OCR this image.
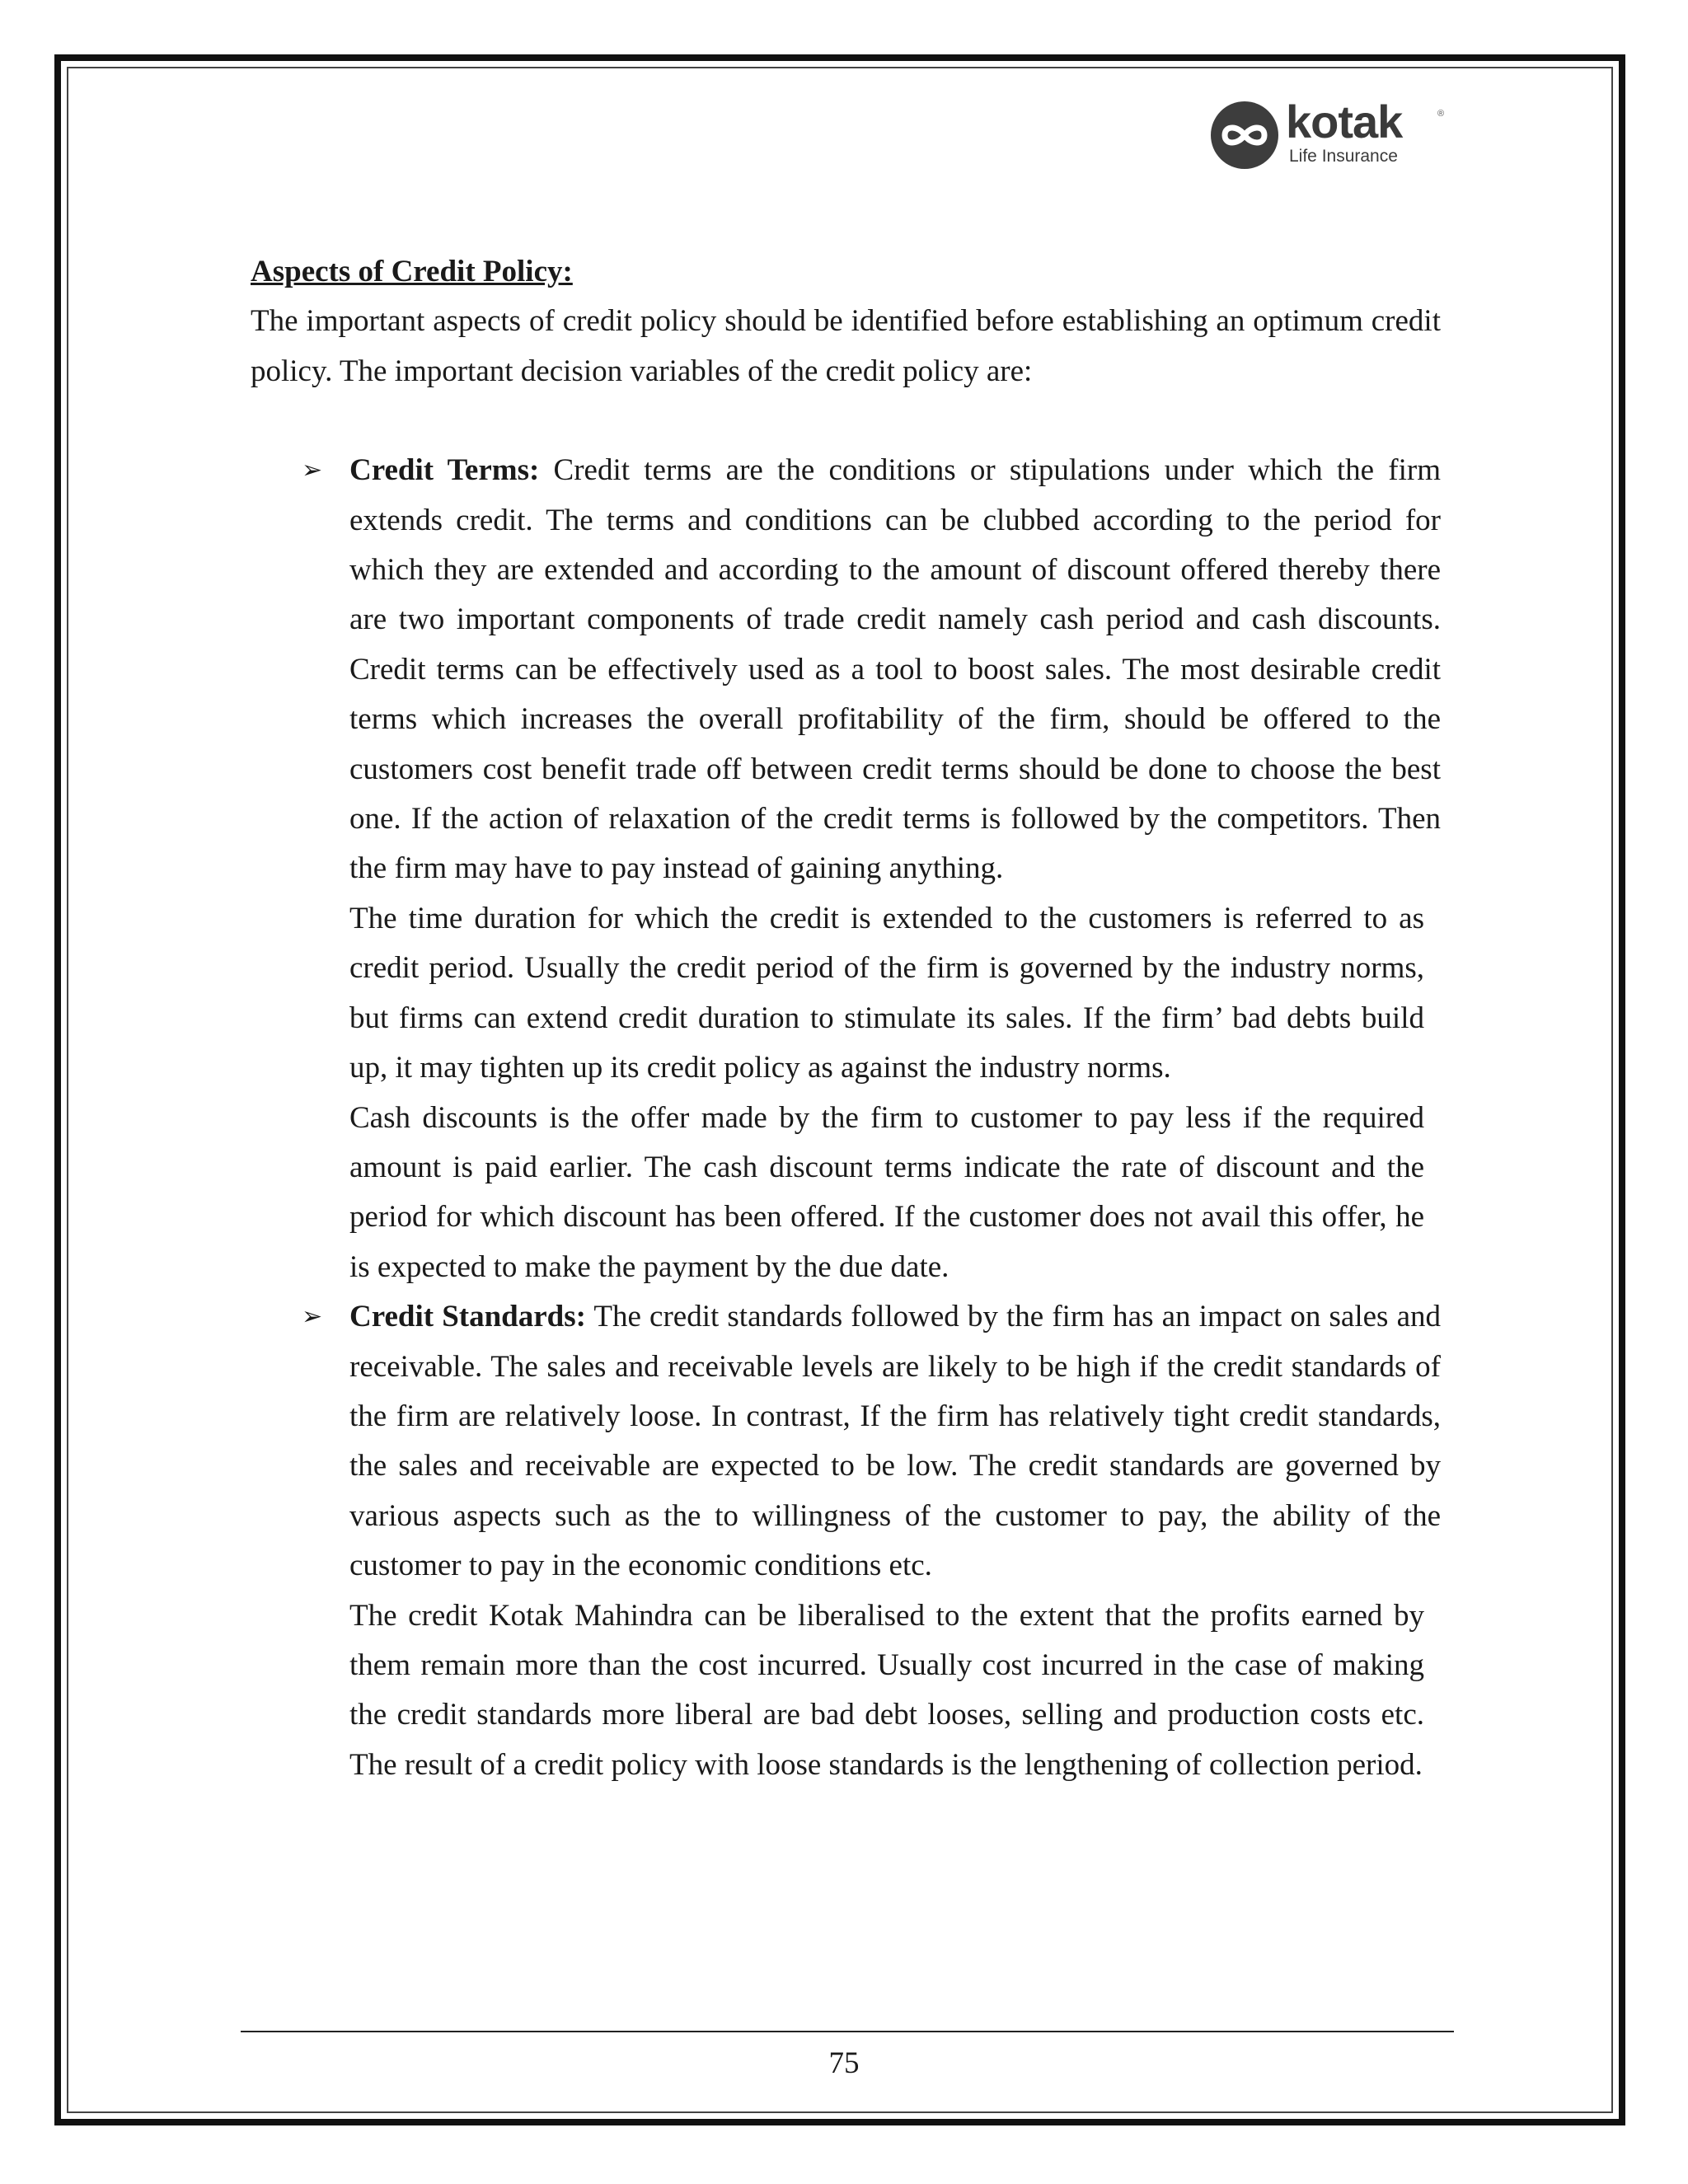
kotak	®
Life Insurance

Aspects of Credit Policy:

The important aspects of credit policy should be identified before establishing an optimum credit policy. The important decision variables of the credit policy are:

➢ Credit Terms: Credit terms are the conditions or stipulations under which the firm extends credit. The terms and conditions can be clubbed according to the period for which they are extended and according to the amount of discount offered thereby there are two important components of trade credit namely cash period and cash discounts. Credit terms can be effectively used as a tool to boost sales. The most desirable credit terms which increases the overall profitability of the firm, should be offered to the customers cost benefit trade off between credit terms should be done to choose the best one. If the action of relaxation of the credit terms is followed by the competitors. Then the firm may have to pay instead of gaining anything.

The time duration for which the credit is extended to the customers is referred to as credit period. Usually the credit period of the firm is governed by the industry norms, but firms can extend credit duration to stimulate its sales. If the firm’ bad debts build up, it may tighten up its credit policy as against the industry norms.

Cash discounts is the offer made by the firm to customer to pay less if the required amount is paid earlier. The cash discount terms indicate the rate of discount and the period for which discount has been offered. If the customer does not avail this offer, he is expected to make the payment by the due date.

➢ Credit Standards: The credit standards followed by the firm has an impact on sales and receivable. The sales and receivable levels are likely to be high if the credit standards of the firm are relatively loose. In contrast, If the firm has relatively tight credit standards, the sales and receivable are expected to be low. The credit standards are governed by various aspects such as the to willingness of the customer to pay, the ability of the customer to pay in the economic conditions etc.

The credit Kotak Mahindra can be liberalised to the extent that the profits earned by them remain more than the cost incurred. Usually cost incurred in the case of making the credit standards more liberal are bad debt looses, selling and production costs etc. The result of a credit policy with loose standards is the lengthening of collection period.

75
